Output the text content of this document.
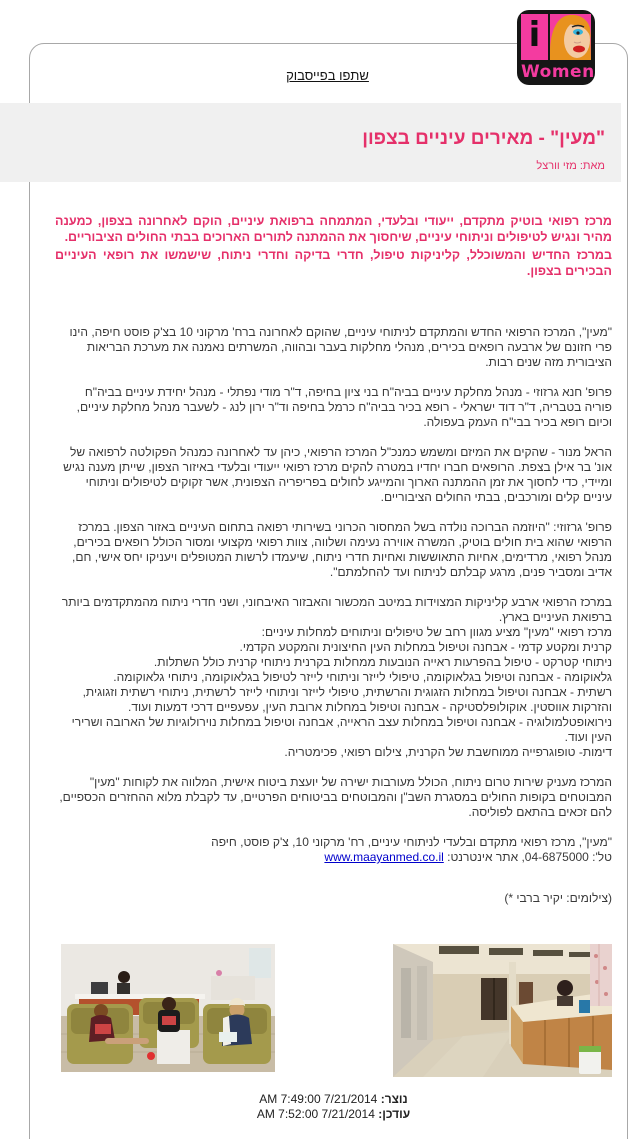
שתפו בפייסבוק
"מעין" - מאירים עיניים בצפון
מאת: מזי וורצל
מרכז רפואי בוטיק מתקדם, ייעודי ובלעדי, המתמחה ברפואת עיניים, הוקם לאחרונה בצפון, כמענה מהיר ונגיש לטיפולים וניתוחי עיניים, שיחסוך את ההמתנה לתורים הארוכים בבתי החולים הציבוריים.
במרכז החדיש והמשוכלל, קליניקות טיפול, חדרי בדיקה וחדרי ניתוח, שישמשו את רופאי העיניים הבכירים בצפון.

"מעין", המרכז הרפואי החדש והמתקדם לניתוחי עיניים, שהוקם לאחרונה ברח' מרקוני 10 בצ'ק פוסט חיפה, הינו פרי חזונם של ארבעה רופאים בכירים, מנהלי מחלקות בעבר ובהווה, המשרתים נאמנה את מערכת הבריאות הציבורית מזה שנים רבות.

פרופ' חנא גרזוזי - מנהל מחלקת עיניים בביה"ח בני ציון בחיפה, ד"ר מודי נפתלי - מנהל יחידת עיניים בביה"ח פוריה בטבריה, ד"ר דוד ישראלי - רופא בכיר בביה"ח כרמל בחיפה וד"ר ירון לנג - לשעבר מנהל מחלקת עיניים, וכיום רופא בכיר בבי"ח העמק בעפולה.

הראל מנור - שהקים את המיזם ומשמש כמנכ"ל המרכז הרפואי, כיהן עד לאחרונה כמנהל הפקולטה לרפואה של אונ' בר אילן בצפת. הרופאים חברו יחדיו במטרה להקים מרכז רפואי ייעודי ובלעדי באיזור הצפון, שייתן מענה נגיש ומיידי, כדי לחסוך את זמן ההמתנה הארוך והמייגע לחולים בפריפריה הצפונית, אשר זקוקים לטיפולים וניתוחי עיניים קלים ומורכבים, בבתי החולים הציבוריים.

פרופ' גרזוזי: "היוזמה הברוכה נולדה בשל המחסור הכרוני בשירותי רפואה בתחום העיניים באזור הצפון. במרכז הרפואי שהוא בית חולים בוטיק, המשרה אווירה נעימה ושלווה, צוות רפואי מקצועי ומסור הכולל רופאים בכירים, מנהל רפואי, מרדימים, אחיות התאוששות ואחיות חדרי ניתוח, שיעמדו לרשות המטופלים ויעניקו יחס אישי, חם, אדיב ומסביר פנים, מרגע קבלתם לניתוח ועד להחלמתם".

במרכז הרפואי ארבע קליניקות המצוידות במיטב המכשור והאבזור האיבחוני, ושני חדרי ניתוח מהמתקדמים ביותר ברפואת העיניים בארץ.
מרכז רפואי "מעין" מציע מגוון רחב של טיפולים וניתוחים למחלות עיניים:
קרנית ומקטע קדמי - אבחנה וטיפול במחלות העין החיצונית והמקטע הקדמי.
ניתוחי קטרקט - טיפול בהפרעות ראייה הנובעות ממחלות בקרנית ניתוחי קרנית כולל השתלות.
גלאוקומה - אבחנה וטיפול בגלאוקומה, טיפולי לייזר וניתוחי לייזר לטיפול בגלאוקומה, ניתוחי גלאוקומה.
רשתית - אבחנה וטיפול במחלות הזגוגית והרשתית, טיפולי לייזר וניתוחי לייזר לרשתית, ניתוחי רשתית וזגוגית, והזרקות אווסטין. אוקולופלסטיקה - אבחנה וטיפול במחלות ארובת העין, עפעפיים דרכי דמעות ועוד.
נירואופטלמולוגיה - אבחנה וטיפול במחלות עצב הראייה, אבחנה וטיפול במחלות נוירולוגיות של הארובה ושרירי העין ועוד.
דימות- טופוגרפייה ממוחשבת של הקרנית, צילום רפואי, פכימטריה.

המרכז מעניק שירות טרום ניתוח, הכולל מעורבות ישירה של יועצת ביטוח אישית, המלווה את לקוחות "מעין" המבוטחים בקופות החולים במסגרת השב"ן והמבוטחים בביטוחים הפרטיים, עד לקבלת מלוא ההחזרים הכספיים, להם זכאים בהתאם לפוליסה.

"מעין", מרכז רפואי מתקדם ובלעדי לניתוחי עיניים, רח' מרקוני 10, צ'ק פוסט, חיפה
טל': 04-6875000, אתר אינטרנט: www.maayanmed.co.il
(צילומים: יקיר ברבי *)
נוצר: AM 7:49:00 7/21/2014
עודכן: AM 7:52:00 7/21/2014
i
Women
